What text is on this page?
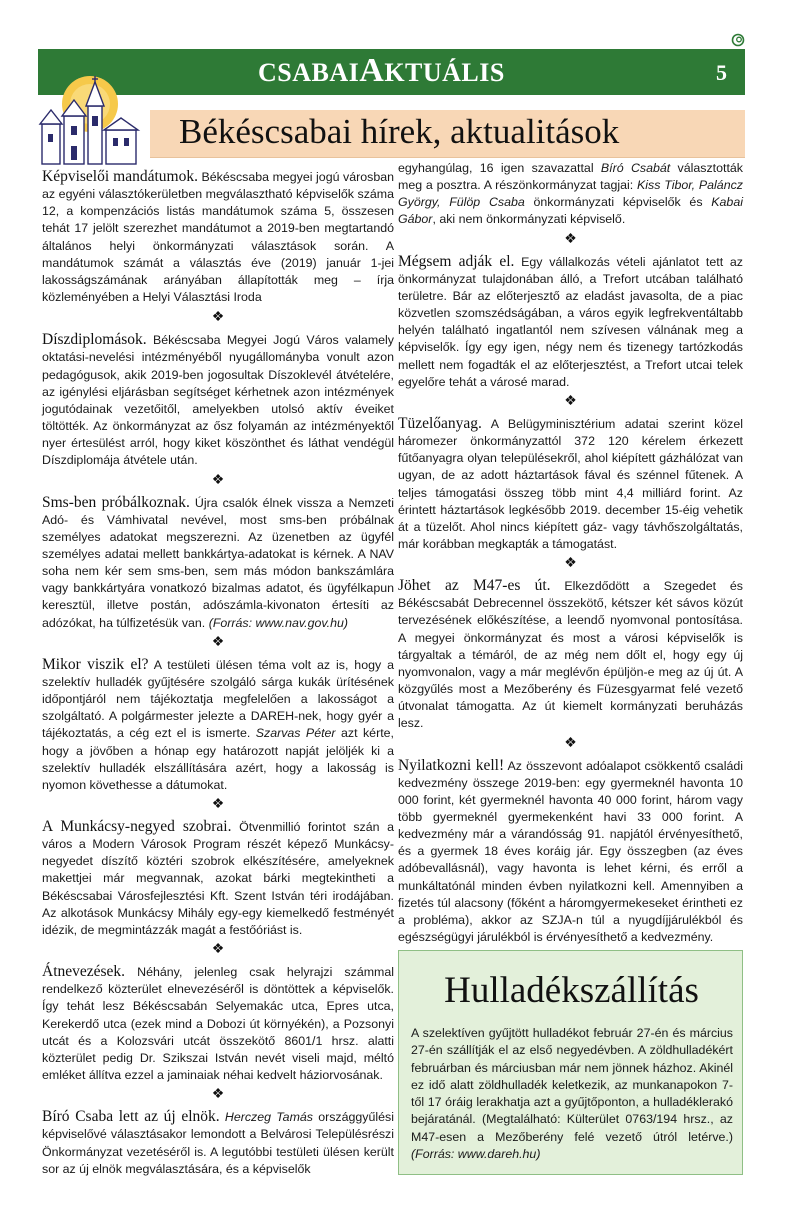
CSABAIAKTUÁLIS	5
Békéscsabai hírek, aktualitások
Képviselői mandátumok. Békéscsaba megyei jogú városban az egyéni választókerületben megválasztható képviselők száma 12, a kompenzációs listás mandátumok száma 5, összesen tehát 17 jelölt szerezhet mandátumot a 2019-ben megtartandó általános helyi önkormányzati választások során. A mandátumok számát a választás éve (2019) január 1-jei lakosságszámának arányában állapították meg – írja közleményében a Helyi Választási Iroda
❖
Díszdiplomások. Békéscsaba Megyei Jogú Város valamely oktatási-nevelési intézményéből nyugállományba vonult azon pedagógusok, akik 2019-ben jogosultak Díszoklevél átvételére, az igénylési eljárásban segítséget kérhetnek azon intézmények jogutódainak vezetőitől, amelyekben utolsó aktív éveiket töltötték. Az önkormányzat az ősz folyamán az intézményektől nyer értesülést arról, hogy kiket köszönthet és láthat vendégül Díszdiplomája átvétele után.
❖
Sms-ben próbálkoznak. Újra csalók élnek vissza a Nemzeti Adó- és Vámhivatal nevével, most sms-ben próbálnak személyes adatokat megszerezni. Az üzenetben az ügyfél személyes adatai mellett bankkártya-adatokat is kérnek. A NAV soha nem kér sem sms-ben, sem más módon bankszámlára vagy bankkártyára vonatkozó bizalmas adatot, és ügyfélkapun keresztül, illetve postán, adószámla-kivonaton értesíti az adózókat, ha túlfizetésük van. (Forrás: www.nav.gov.hu)
❖
Mikor viszik el? A testületi ülésen téma volt az is, hogy a szelektív hulladék gyűjtésére szolgáló sárga kukák ürítésének időpontjáról nem tájékoztatja megfelelően a lakosságot a szolgáltató. A polgármester jelezte a DAREH-nek, hogy gyér a tájékoztatás, a cég ezt el is ismerte. Szarvas Péter azt kérte, hogy a jövőben a hónap egy határozott napját jelöljék ki a szelektív hulladék elszállítására azért, hogy a lakosság is nyomon követhesse a dátumokat.
❖
A Munkácsy-negyed szobrai. Ötvenmillió forintot szán a város a Modern Városok Program részét képező Munkácsy-negyedet díszítő köztéri szobrok elkészítésére, amelyeknek makettjei már megvannak, azokat bárki megtekintheti a Békéscsabai Városfejlesztési Kft. Szent István téri irodájában. Az alkotások Munkácsy Mihály egy-egy kiemelkedő festményét idézik, de megmintázzák magát a festőóriást is.
❖
Átnevezések. Néhány, jelenleg csak helyrajzi számmal rendelkező közterület elnevezéséről is döntöttek a képviselők. Így tehát lesz Békéscsabán Selyemakác utca, Epres utca, Kerekerdő utca (ezek mind a Dobozi út környékén), a Pozsonyi utcát és a Kolozsvári utcát összekötő 8601/1 hrsz. alatti közterület pedig Dr. Szikszai István nevét viseli majd, méltó emléket állítva ezzel a jaminaiak néhai kedvelt háziorvosának.
❖
Bíró Csaba lett az új elnök. Herczeg Tamás országgyűlési képviselővé választásakor lemondott a Belvárosi Településrészi Önkormányzat vezetéséről is. A legutóbbi testületi ülésen került sor az új elnök megválasztására, és a képviselők
egyhangúlag, 16 igen szavazattal Bíró Csabát választották meg a posztra. A részönkormányzat tagjai: Kiss Tibor, Paláncz György, Fülöp Csaba önkormányzati képviselők és Kabai Gábor, aki nem önkormányzati képviselő.
❖
Mégsem adják el. Egy vállalkozás vételi ajánlatot tett az önkormányzat tulajdonában álló, a Trefort utcában található területre. Bár az előterjesztő az eladást javasolta, de a piac közvetlen szomszédságában, a város egyik legfrekventáltabb helyén található ingatlantól nem szívesen válnának meg a képviselők. Így egy igen, négy nem és tizenegy tartózkodás mellett nem fogadták el az előterjesztést, a Trefort utcai telek egyelőre tehát a városé marad.
❖
Tüzelőanyag. A Belügyminisztérium adatai szerint közel háromezer önkormányzattól 372 120 kérelem érkezett fűtőanyagra olyan településekről, ahol kiépített gázhálózat van ugyan, de az adott háztartások fával és szénnel fűtenek. A teljes támogatási összeg több mint 4,4 milliárd forint. Az érintett háztartások legkésőbb 2019. december 15-éig vehetik át a tüzelőt. Ahol nincs kiépített gáz- vagy távhőszolgáltatás, már korábban megkapták a támogatást.
❖
Jöhet az M47-es út. Elkezdődött a Szegedet és Békéscsabát Debrecennel összekötő, kétszer két sávos közút tervezésének előkészítése, a leendő nyomvonal pontosítása. A megyei önkormányzat és most a városi képviselők is tárgyaltak a témáról, de az még nem dőlt el, hogy egy új nyomvonalon, vagy a már meglévőn épüljön-e meg az új út. A közgyűlés most a Mezőberény és Füzesgyarmat felé vezető útvonalat támogatta. Az út kiemelt kormányzati beruházás lesz.
❖
Nyilatkozni kell! Az összevont adóalapot csökkentő családi kedvezmény összege 2019-ben: egy gyermeknél havonta 10 000 forint, két gyermeknél havonta 40 000 forint, három vagy több gyermeknél gyermekenként havi 33 000 forint. A kedvezmény már a várandósság 91. napjától érvényesíthető, és a gyermek 18 éves koráig jár. Egy összegben (az éves adóbevallásnál), vagy havonta is lehet kérni, és erről a munkáltatónál minden évben nyilatkozni kell. Amennyiben a fizetés túl alacsony (főként a háromgyermekeseket érintheti ez a probléma), akkor az SZJA-n túl a nyugdíjjárulékból és egészségügyi járulékból is érvényesíthető a kedvezmény.
Hulladékszállítás
A szelektíven gyűjtött hulladékot február 27-én és március 27-én szállítják el az első negyedévben. A zöldhulladékért februárban és márciusban már nem jönnek házhoz. Akinél ez idő alatt zöldhulladék keletkezik, az munkanapokon 7-től 17 óráig lerakhatja azt a gyűjtőponton, a hulladéklerakó bejáratánál. (Megtalálható: Külterület 0763/194 hrsz., az M47-esen a Mezőberény felé vezető útról letérve.) (Forrás: www.dareh.hu)
